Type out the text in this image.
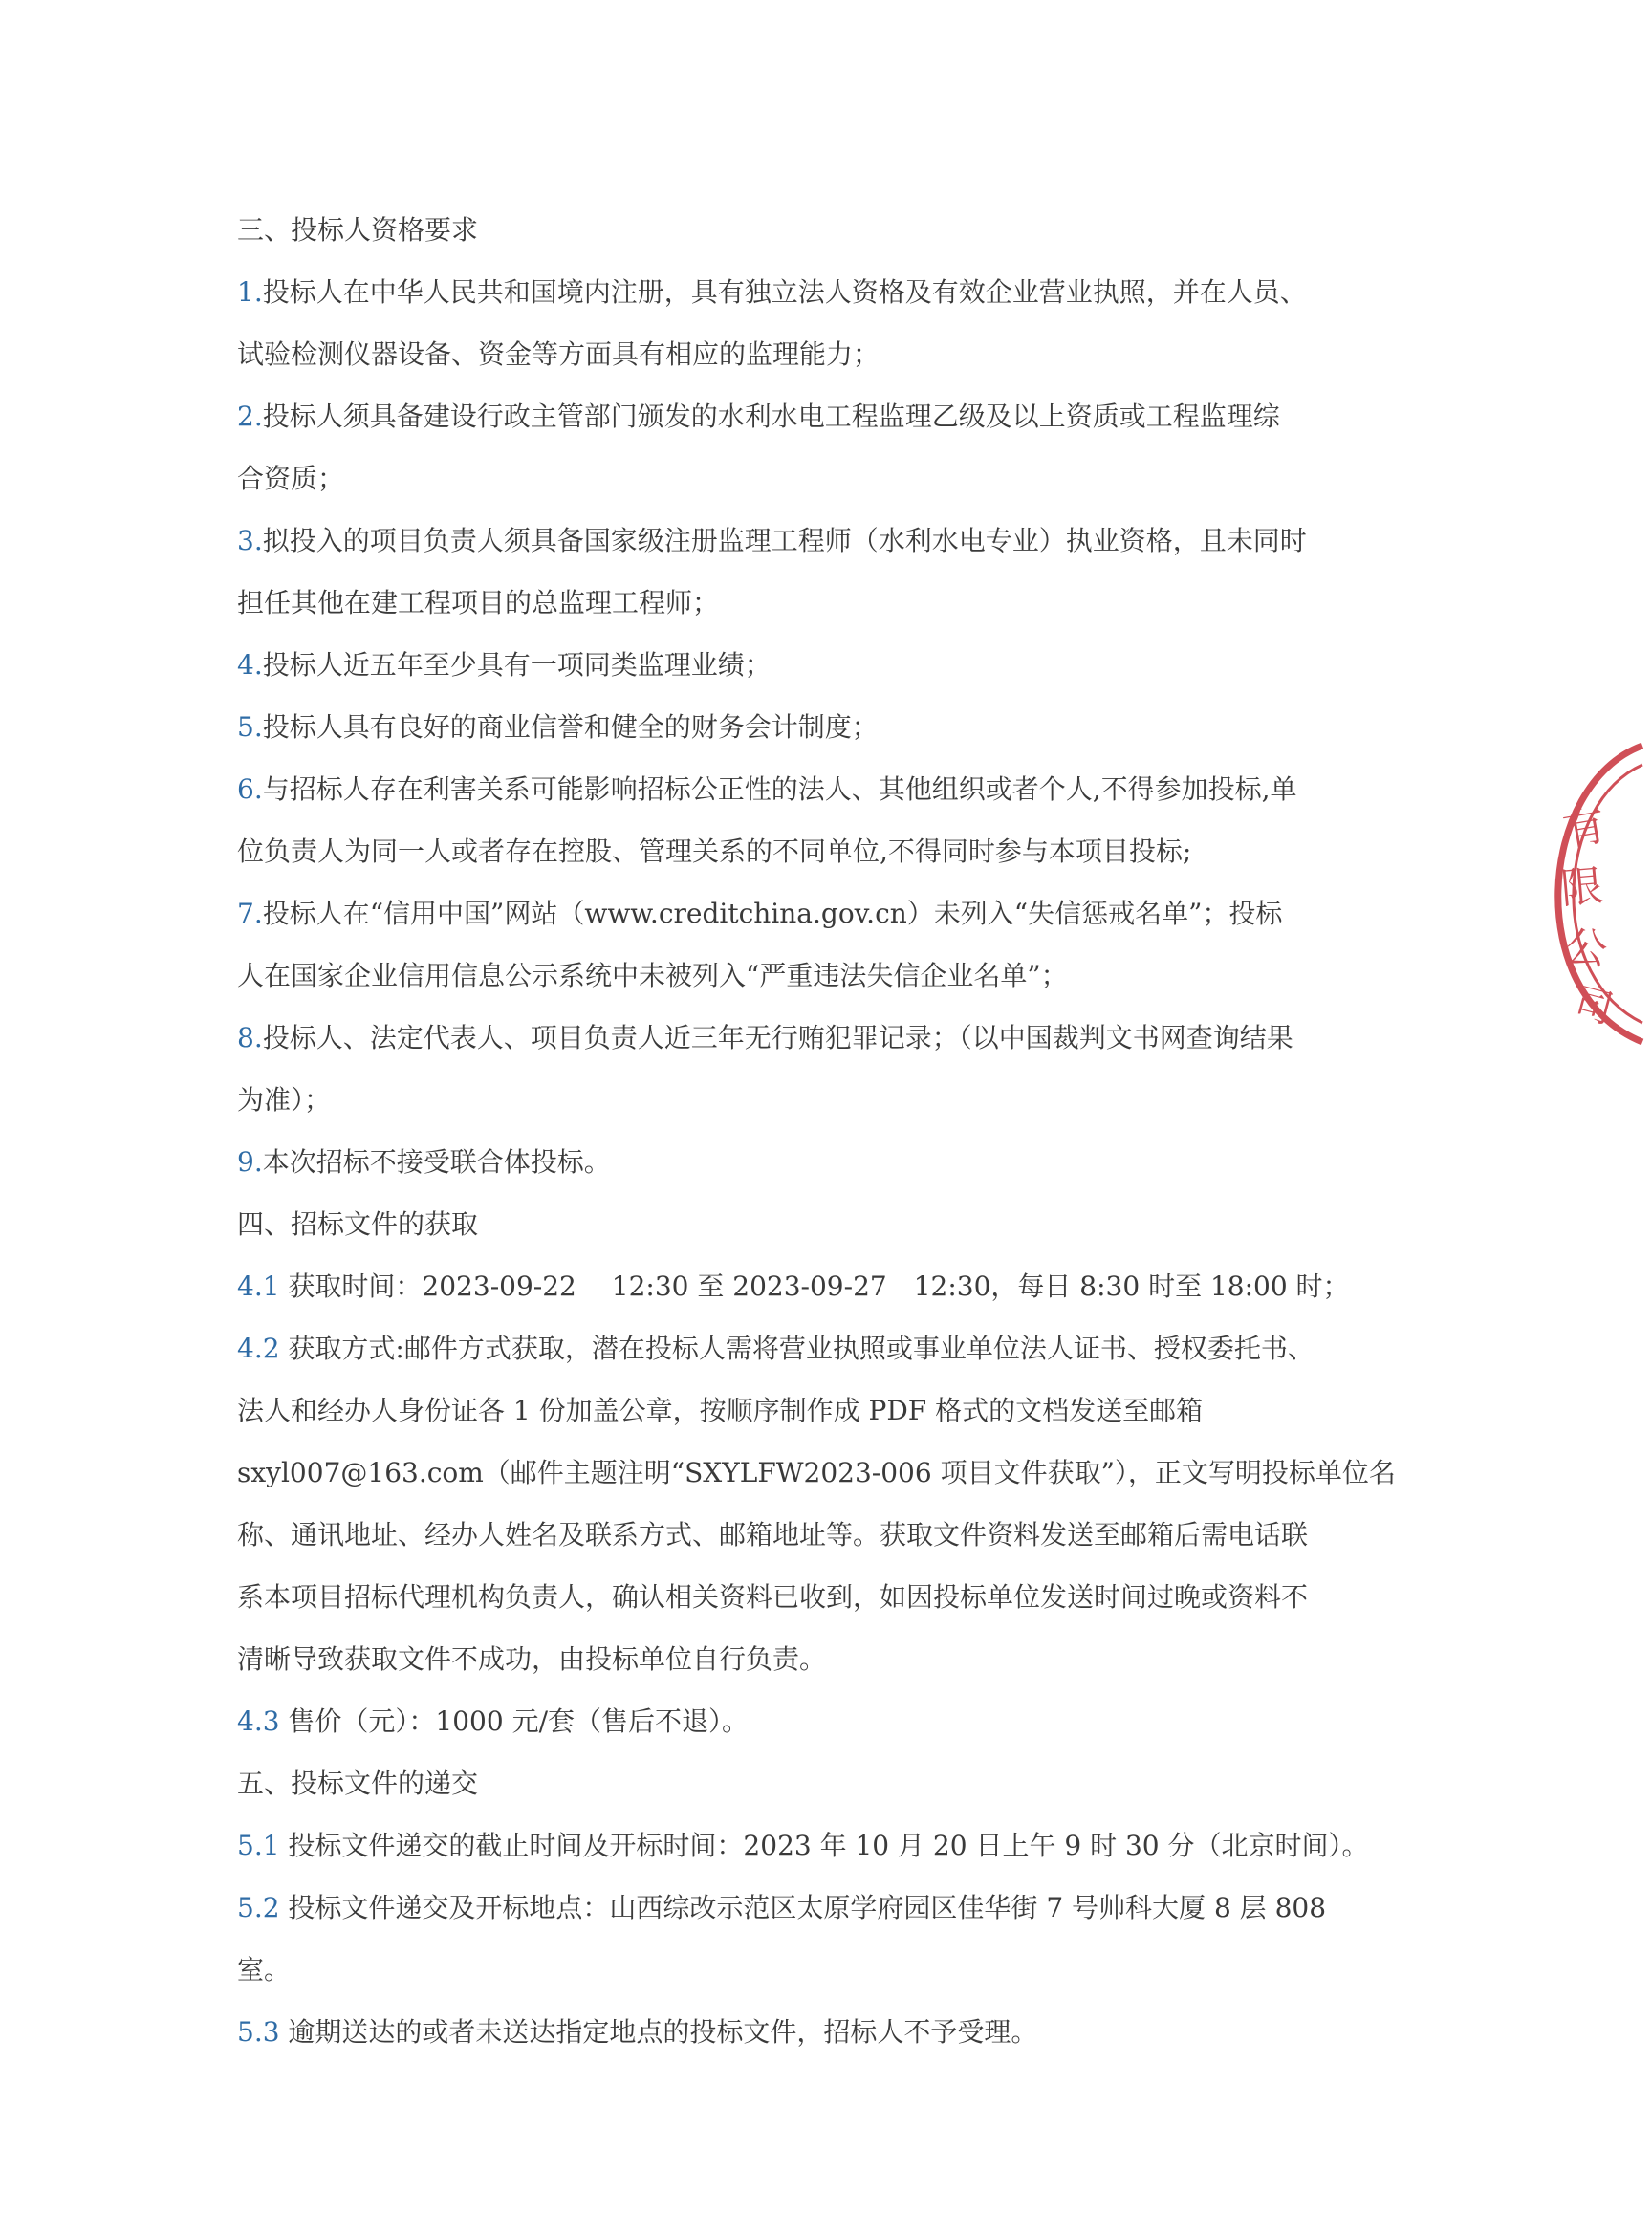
三、投标人资格要求

1.投标人在中华人民共和国境内注册，具有独立法人资格及有效企业营业执照，并在人员、

试验检测仪器设备、资金等方面具有相应的监理能力；

2.投标人须具备建设行政主管部门颁发的水利水电工程监理乙级及以上资质或工程监理综

合资质；

3.拟投入的项目负责人须具备国家级注册监理工程师（水利水电专业）执业资格，且未同时

担任其他在建工程项目的总监理工程师；

4.投标人近五年至少具有一项同类监理业绩；

5.投标人具有良好的商业信誉和健全的财务会计制度；

6.与招标人存在利害关系可能影响招标公正性的法人、其他组织或者个人,不得参加投标,单

位负责人为同一人或者存在控股、管理关系的不同单位,不得同时参与本项目投标;

7.投标人在“信用中国”网站（www.creditchina.gov.cn）未列入“失信惩戒名单”；投标

人在国家企业信用信息公示系统中未被列入“严重违法失信企业名单”；

8.投标人、法定代表人、项目负责人近三年无行贿犯罪记录；（以中国裁判文书网查询结果

为准）；

9.本次招标不接受联合体投标。

四、招标文件的获取

4.1 获取时间：2023-09-22　 12:30 至 2023-09-27　12:30，每日 8:30 时至 18:00 时；

4.2 获取方式:邮件方式获取，潜在投标人需将营业执照或事业单位法人证书、授权委托书、

法人和经办人身份证各 1 份加盖公章，按顺序制作成 PDF 格式的文档发送至邮箱

sxyl007@163.com（邮件主题注明“SXYLFW2023-006 项目文件获取”），正文写明投标单位名

称、通讯地址、经办人姓名及联系方式、邮箱地址等。获取文件资料发送至邮箱后需电话联

系本项目招标代理机构负责人，确认相关资料已收到，如因投标单位发送时间过晚或资料不

清晰导致获取文件不成功，由投标单位自行负责。

4.3 售价（元）：1000 元/套（售后不退）。

五、投标文件的递交

5.1 投标文件递交的截止时间及开标时间：2023 年 10 月 20 日上午 9 时 30 分（北京时间）。

5.2 投标文件递交及开标地点：山西综改示范区太原学府园区佳华街 7 号帅科大厦 8 层 808

室。

5.3 逾期送达的或者未送达指定地点的投标文件，招标人不予受理。

有
限
公
司
